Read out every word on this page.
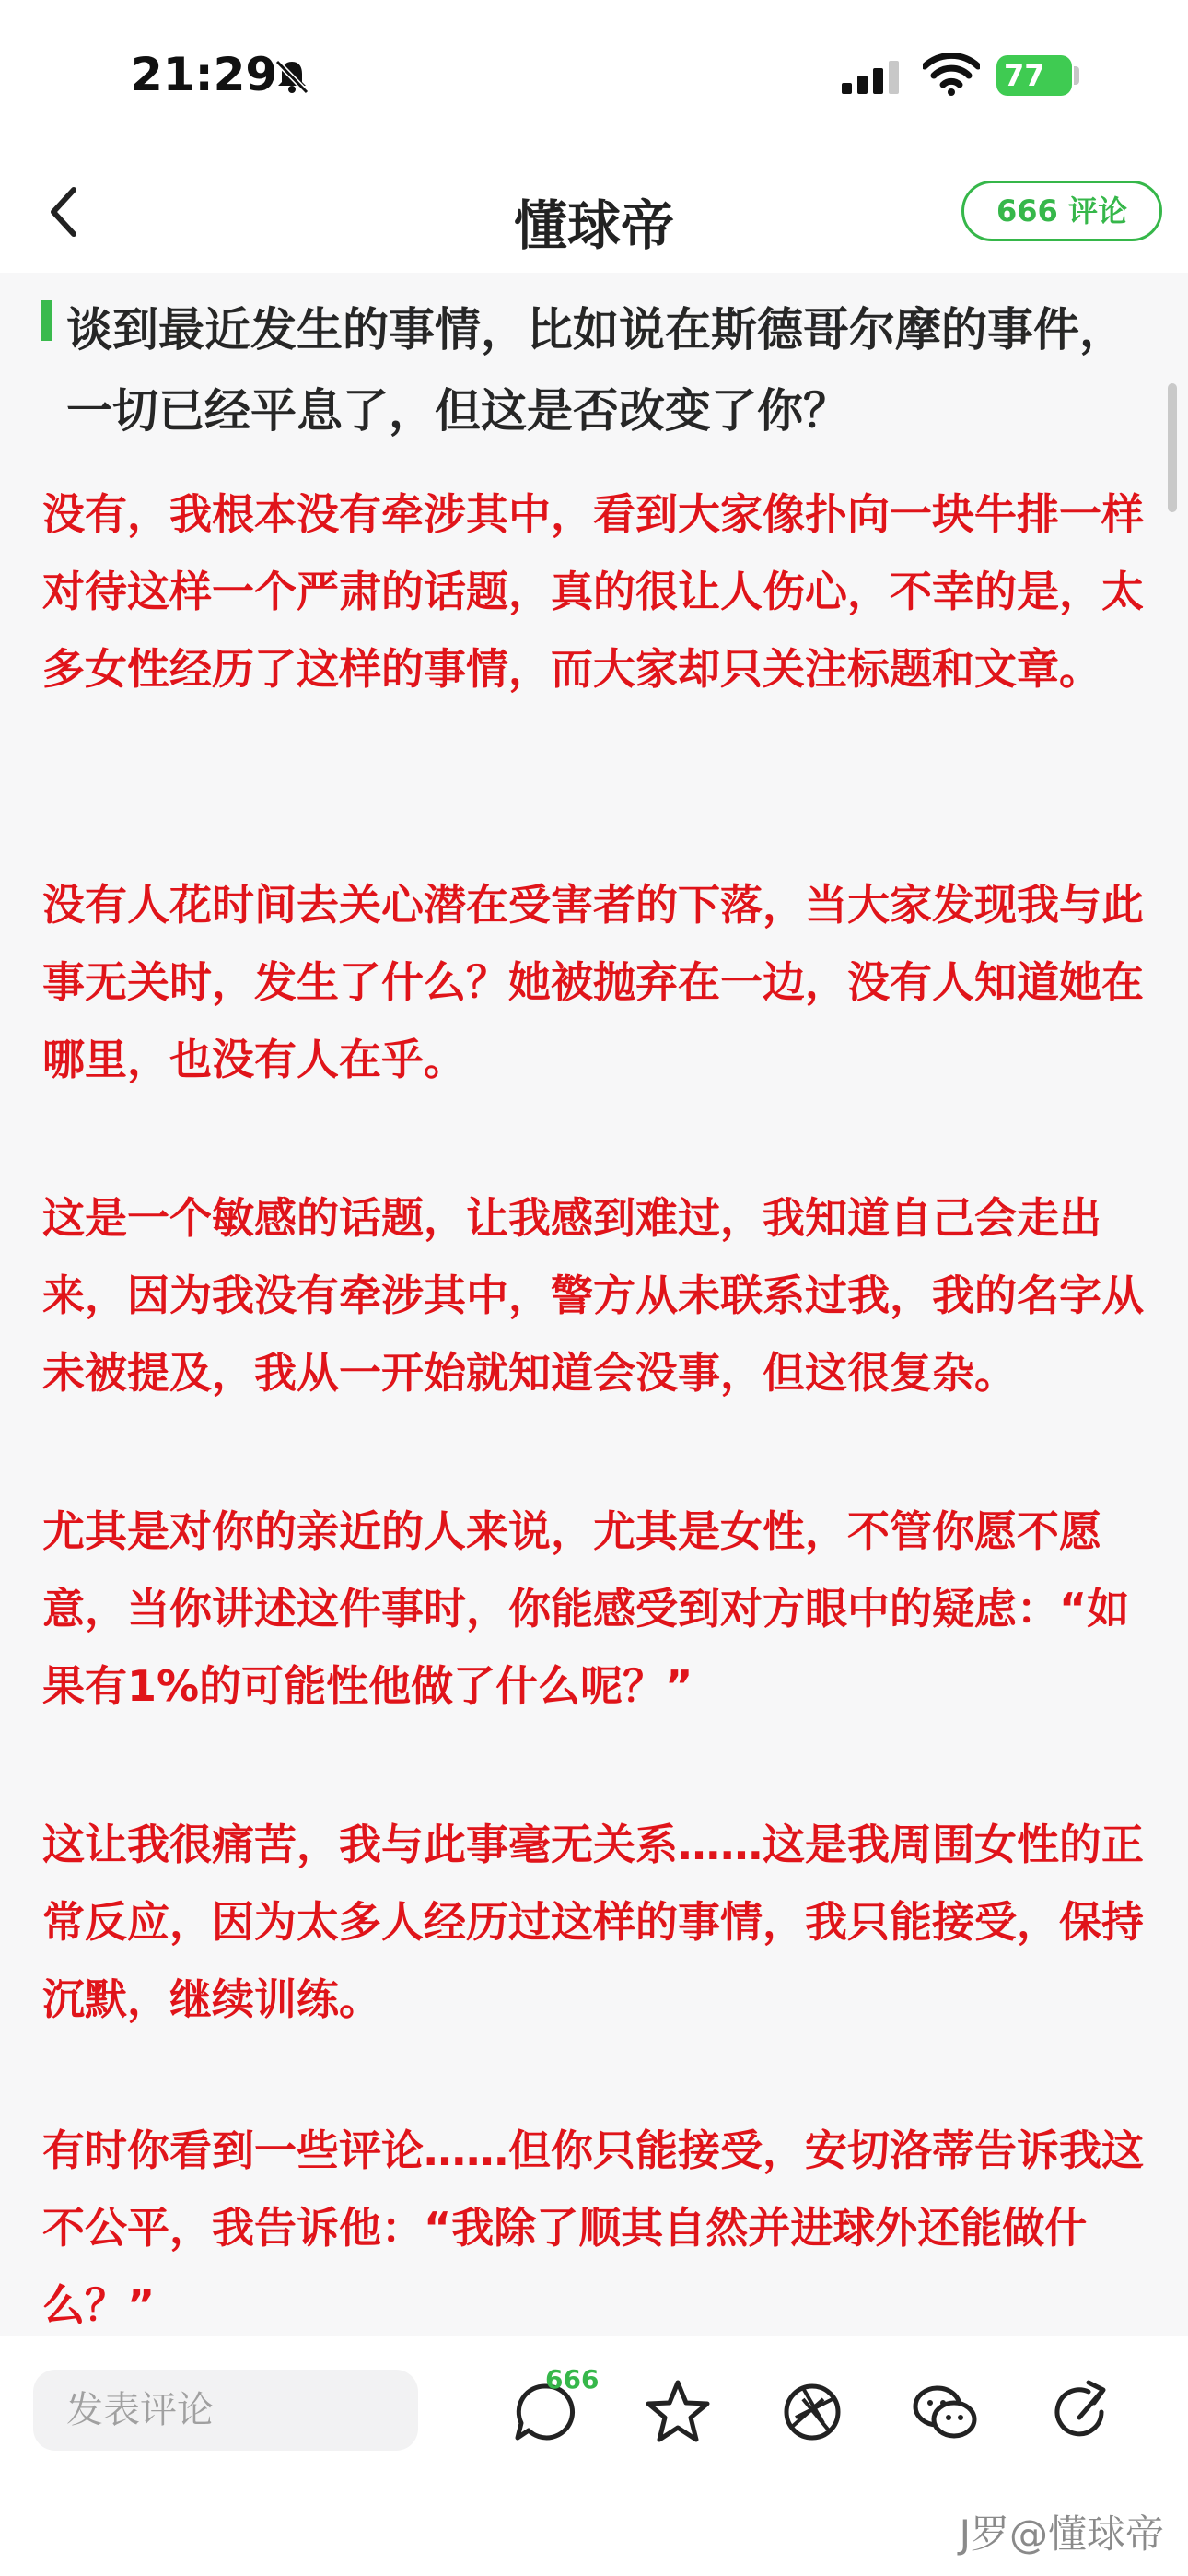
21:29	77
懂球帝	666 评论
谈到最近发生的事情，比如说在斯德哥尔摩的事件，一切已经平息了，但这是否改变了你？
没有，我根本没有牵涉其中，看到大家像扑向一块牛排一样对待这样一个严肃的话题，真的很让人伤心，不幸的是，太多女性经历了这样的事情，而大家却只关注标题和文章。
没有人花时间去关心潜在受害者的下落，当大家发现我与此事无关时，发生了什么？她被抛弃在一边，没有人知道她在哪里，也没有人在乎。
这是一个敏感的话题，让我感到难过，我知道自己会走出来，因为我没有牵涉其中，警方从未联系过我，我的名字从未被提及，我从一开始就知道会没事，但这很复杂。
尤其是对你的亲近的人来说，尤其是女性，不管你愿不愿意，当你讲述这件事时，你能感受到对方眼中的疑虑：“如果有1%的可能性他做了什么呢？”
这让我很痛苦，我与此事毫无关系……这是我周围女性的正常反应，因为太多人经历过这样的事情，我只能接受，保持沉默，继续训练。
有时你看到一些评论……但你只能接受，安切洛蒂告诉我这不公平，我告诉他：“我除了顺其自然并进球外还能做什么？”
发表评论
666
J罗@懂球帝
